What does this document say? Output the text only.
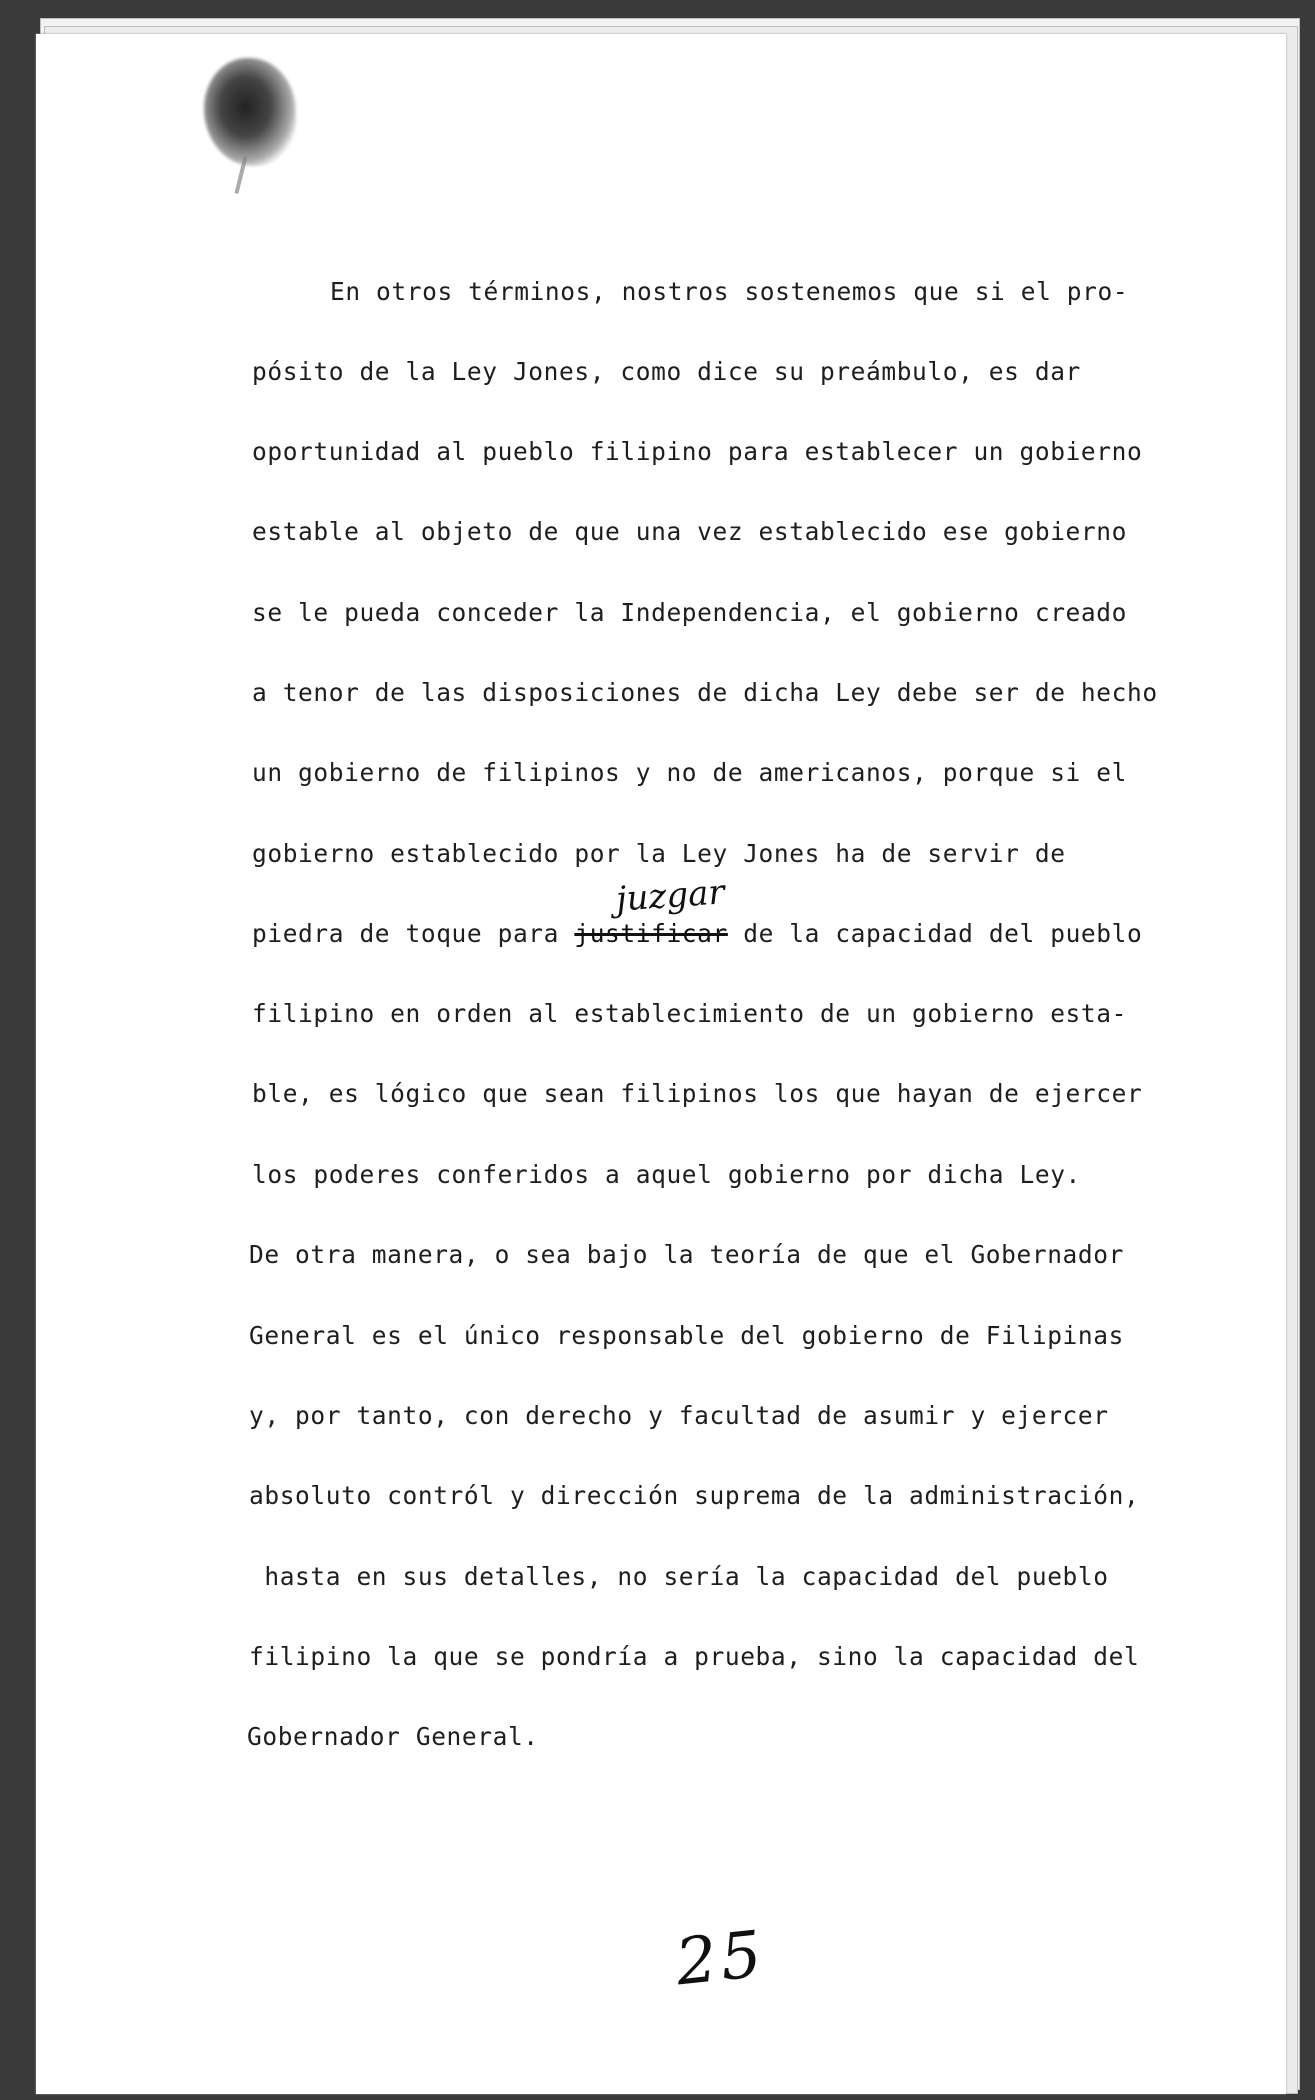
En otros términos, nostros sostenemos que si el pro-
pósito de la Ley Jones, como dice su preámbulo, es dar
oportunidad al pueblo filipino para establecer un gobierno
estable al objeto de que una vez establecido ese gobierno
se le pueda conceder la Independencia, el gobierno creado
a tenor de las disposiciones de dicha Ley debe ser de hecho
un gobierno de filipinos y no de americanos, porque si el
gobierno establecido por la Ley Jones ha de servir de
piedra de toque para justificar de la capacidad del pueblo
filipino en orden al establecimiento de un gobierno esta-
ble, es lógico que sean filipinos los que hayan de ejercer
los poderes conferidos a aquel gobierno por dicha Ley.
De otra manera, o sea bajo la teoría de que el Gobernador
General es el único responsable del gobierno de Filipinas
y, por tanto, con derecho y facultad de asumir y ejercer
absoluto contról y dirección suprema de la administración,
hasta en sus detalles, no sería la capacidad del pueblo
filipino la que se pondría a prueba, sino la capacidad del
Gobernador General.
juzgar
25
